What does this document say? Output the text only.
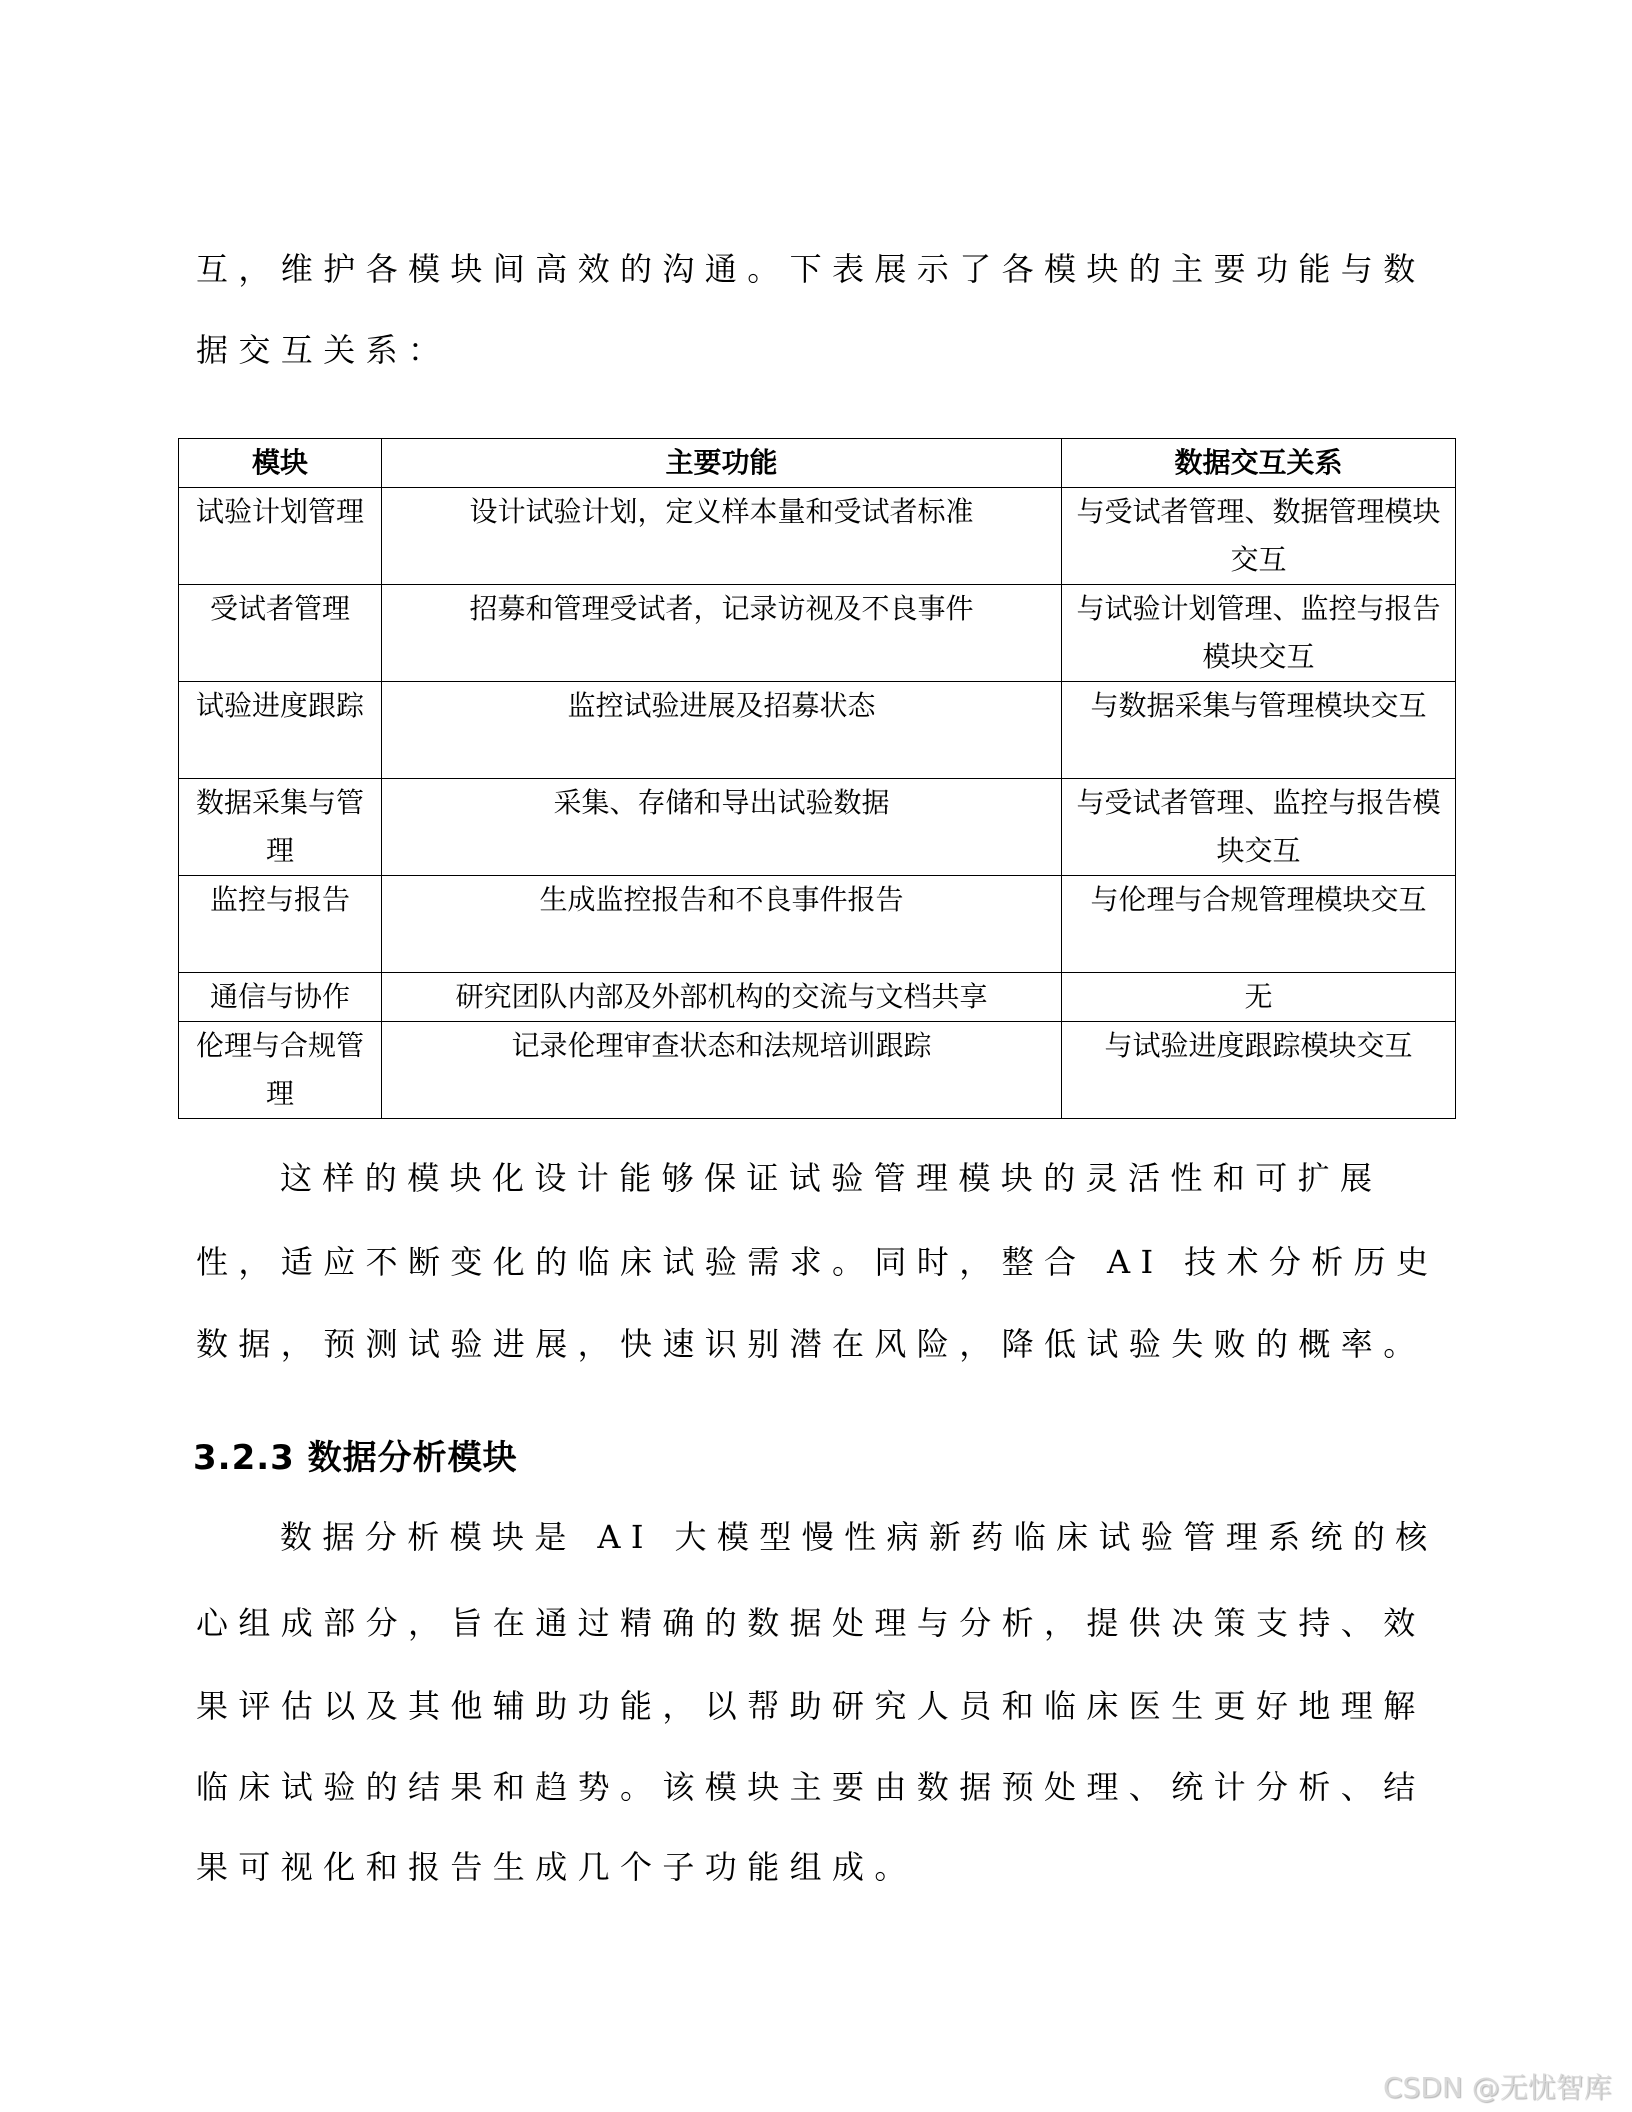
互，维护各模块间高效的沟通。下表展示了各模块的主要功能与数
据交互关系：
模块	主要功能	数据交互关系
试验计划管理	设计试验计划，定义样本量和受试者标准	与受试者管理、数据管理模块交互
受试者管理	招募和管理受试者，记录访视及不良事件	与试验计划管理、监控与报告模块交互
试验进度跟踪	监控试验进展及招募状态	与数据采集与管理模块交互
数据采集与管理	采集、存储和导出试验数据	与受试者管理、监控与报告模块交互
监控与报告	生成监控报告和不良事件报告	与伦理与合规管理模块交互
通信与协作	研究团队内部及外部机构的交流与文档共享	无
伦理与合规管理	记录伦理审查状态和法规培训跟踪	与试验进度跟踪模块交互
这样的模块化设计能够保证试验管理模块的灵活性和可扩展
性，适应不断变化的临床试验需求。同时，整合 AI 技术分析历史
数据，预测试验进展，快速识别潜在风险，降低试验失败的概率。
3.2.3 数据分析模块
数据分析模块是 AI 大模型慢性病新药临床试验管理系统的核
心组成部分，旨在通过精确的数据处理与分析，提供决策支持、效
果评估以及其他辅助功能，以帮助研究人员和临床医生更好地理解
临床试验的结果和趋势。该模块主要由数据预处理、统计分析、结
果可视化和报告生成几个子功能组成。
CSDN @无忧智库
